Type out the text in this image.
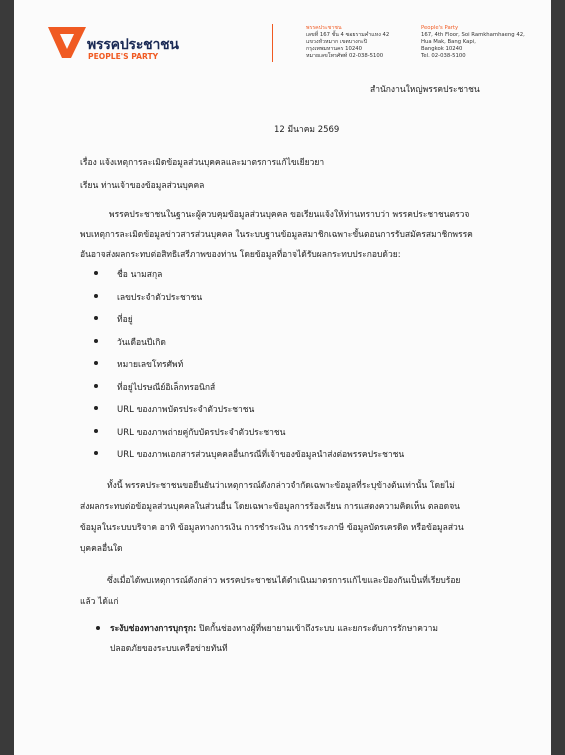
พรรคประชาชน
PEOPLE'S PARTY
พรรคประชาชน
เลขที่ 167 ชั้น 4 ซอยรามคำแหง 42
แขวงหัวหมาก เขตบางกะปิ
กรุงเทพมหานคร 10240
หมายเลขโทรศัพท์ 02-038-5100
People's Party
167, 4th Floor, Soi Ramkhamhaeng 42,
Hua Mak, Bang Kapi,
Bangkok 10240
Tel. 02-038-5100
สำนักงานใหญ่พรรคประชาชน
12 มีนาคม 2569
เรื่อง แจ้งเหตุการละเมิดข้อมูลส่วนบุคคลและมาตรการแก้ไขเยียวยา
เรียน ท่านเจ้าของข้อมูลส่วนบุคคล
พรรคประชาชนในฐานะผู้ควบคุมข้อมูลส่วนบุคคล ขอเรียนแจ้งให้ท่านทราบว่า พรรคประชาชนตรวจ
พบเหตุการละเมิดข้อมูลข่าวสารส่วนบุคคล ในระบบฐานข้อมูลสมาชิกเฉพาะขั้นตอนการรับสมัครสมาชิกพรรค
อันอาจส่งผลกระทบต่อสิทธิเสรีภาพของท่าน โดยข้อมูลที่อาจได้รับผลกระทบประกอบด้วย:
ชื่อ นามสกุล
เลขประจำตัวประชาชน
ที่อยู่
วันเดือนปีเกิด
หมายเลขโทรศัพท์
ที่อยู่ไปรษณีย์อิเล็กทรอนิกส์
URL ของภาพบัตรประจำตัวประชาชน
URL ของภาพถ่ายคู่กับบัตรประจำตัวประชาชน
URL ของภาพเอกสารส่วนบุคคลอื่นกรณีที่เจ้าของข้อมูลนำส่งต่อพรรคประชาชน
ทั้งนี้ พรรคประชาชนขอยืนยันว่าเหตุการณ์ดังกล่าวจำกัดเฉพาะข้อมูลที่ระบุข้างต้นเท่านั้น โดยไม่
ส่งผลกระทบต่อข้อมูลส่วนบุคคลในส่วนอื่น โดยเฉพาะข้อมูลการร้องเรียน การแสดงความคิดเห็น ตลอดจน
ข้อมูลในระบบบริจาค อาทิ ข้อมูลทางการเงิน การชำระเงิน การชำระภาษี ข้อมูลบัตรเครดิต หรือข้อมูลส่วน
บุคคลอื่นใด
ซึ่งเมื่อได้พบเหตุการณ์ดังกล่าว พรรคประชาชนได้ดำเนินมาตรการแก้ไขและป้องกันเป็นที่เรียบร้อย
แล้ว ได้แก่
ระงับช่องทางการบุกรุก: ปิดกั้นช่องทางผู้ที่พยายามเข้าถึงระบบ และยกระดับการรักษาความ
ปลอดภัยของระบบเครือข่ายทันที
